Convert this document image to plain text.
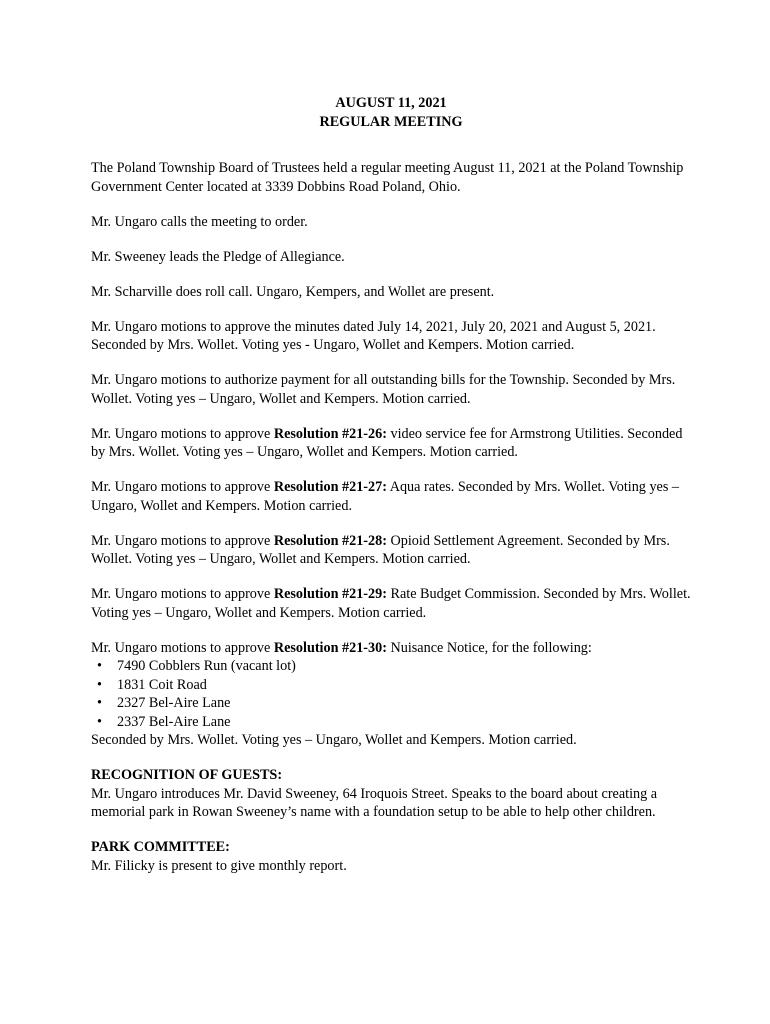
AUGUST 11, 2021
REGULAR MEETING

The Poland Township Board of Trustees held a regular meeting August 11, 2021 at the Poland Township Government Center located at 3339 Dobbins Road Poland, Ohio.

Mr. Ungaro calls the meeting to order.

Mr. Sweeney leads the Pledge of Allegiance.

Mr. Scharville does roll call. Ungaro, Kempers, and Wollet are present.

Mr. Ungaro motions to approve the minutes dated July 14, 2021, July 20, 2021 and August 5, 2021. Seconded by Mrs. Wollet. Voting yes - Ungaro, Wollet and Kempers. Motion carried.

Mr. Ungaro motions to authorize payment for all outstanding bills for the Township. Seconded by Mrs. Wollet. Voting yes – Ungaro, Wollet and Kempers. Motion carried.

Mr. Ungaro motions to approve Resolution #21-26: video service fee for Armstrong Utilities. Seconded by Mrs. Wollet. Voting yes – Ungaro, Wollet and Kempers. Motion carried.

Mr. Ungaro motions to approve Resolution #21-27: Aqua rates. Seconded by Mrs. Wollet. Voting yes – Ungaro, Wollet and Kempers. Motion carried.

Mr. Ungaro motions to approve Resolution #21-28: Opioid Settlement Agreement. Seconded by Mrs. Wollet. Voting yes – Ungaro, Wollet and Kempers. Motion carried.

Mr. Ungaro motions to approve Resolution #21-29: Rate Budget Commission. Seconded by Mrs. Wollet. Voting yes – Ungaro, Wollet and Kempers. Motion carried.

Mr. Ungaro motions to approve Resolution #21-30: Nuisance Notice, for the following:

• 7490 Cobblers Run (vacant lot)
• 1831 Coit Road
• 2327 Bel-Aire Lane
• 2337 Bel-Aire Lane

Seconded by Mrs. Wollet. Voting yes – Ungaro, Wollet and Kempers. Motion carried.

RECOGNITION OF GUESTS:
Mr. Ungaro introduces Mr. David Sweeney, 64 Iroquois Street. Speaks to the board about creating a memorial park in Rowan Sweeney’s name with a foundation setup to be able to help other children.
PARK COMMITTEE:
Mr. Filicky is present to give monthly report.
